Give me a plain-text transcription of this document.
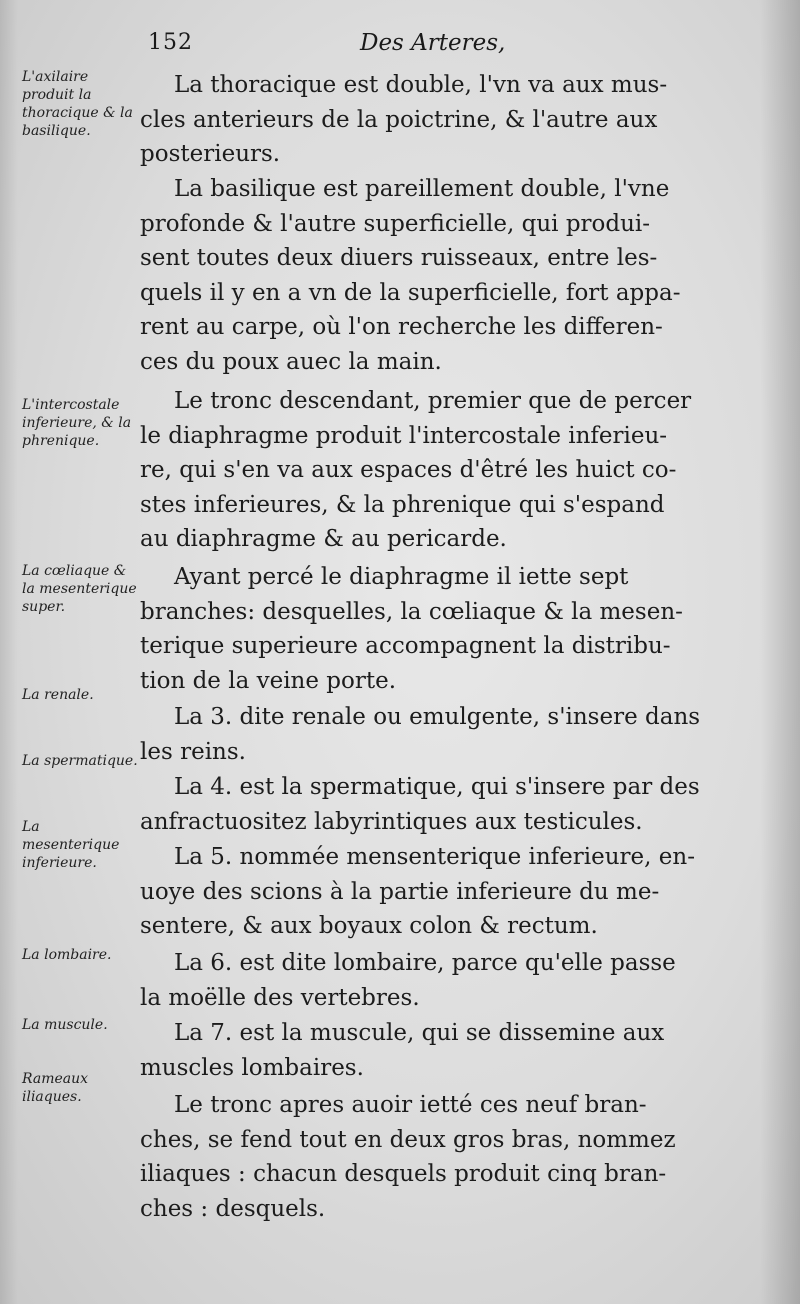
152	Des Arteres,
L'axilaire produit la thoracique & la basilique.
L'intercostale inferieure, & la phrenique.
La cœliaque & la mesenterique super.
La renale.
La spermatique.
La mesenterique inferieure.
La lombaire.
La muscule.
Rameaux iliaques.
La thoracique est double, l'vn va aux mus-
cles anterieurs de la poictrine, & l'autre aux
posterieurs.
La basilique est pareillement double, l'vne
profonde & l'autre superficielle, qui produi-
sent toutes deux diuers ruisseaux, entre les-
quels il y en a vn de la superficielle, fort appa-
rent au carpe, où l'on recherche les differen-
ces du poux auec la main.
Le tronc descendant, premier que de percer
le diaphragme produit l'intercostale inferieu-
re, qui s'en va aux espaces d'êtré les huict co-
stes inferieures, & la phrenique qui s'espand
au diaphragme & au pericarde.
Ayant percé le diaphragme il iette sept
branches: desquelles, la cœliaque & la mesen-
terique superieure accompagnent la distribu-
tion de la veine porte.
La 3. dite renale ou emulgente, s'insere dans
les reins.
La 4. est la spermatique, qui s'insere par des
anfractuositez labyrintiques aux testicules.
La 5. nommée mensenterique inferieure, en-
uoye des scions à la partie inferieure du me-
sentere, & aux boyaux colon & rectum.
La 6. est dite lombaire, parce qu'elle passe
la moëlle des vertebres.
La 7. est la muscule, qui se dissemine aux
muscles lombaires.
Le tronc apres auoir ietté ces neuf bran-
ches, se fend tout en deux gros bras, nommez
iliaques : chacun desquels produit cinq bran-
ches : desquels.
